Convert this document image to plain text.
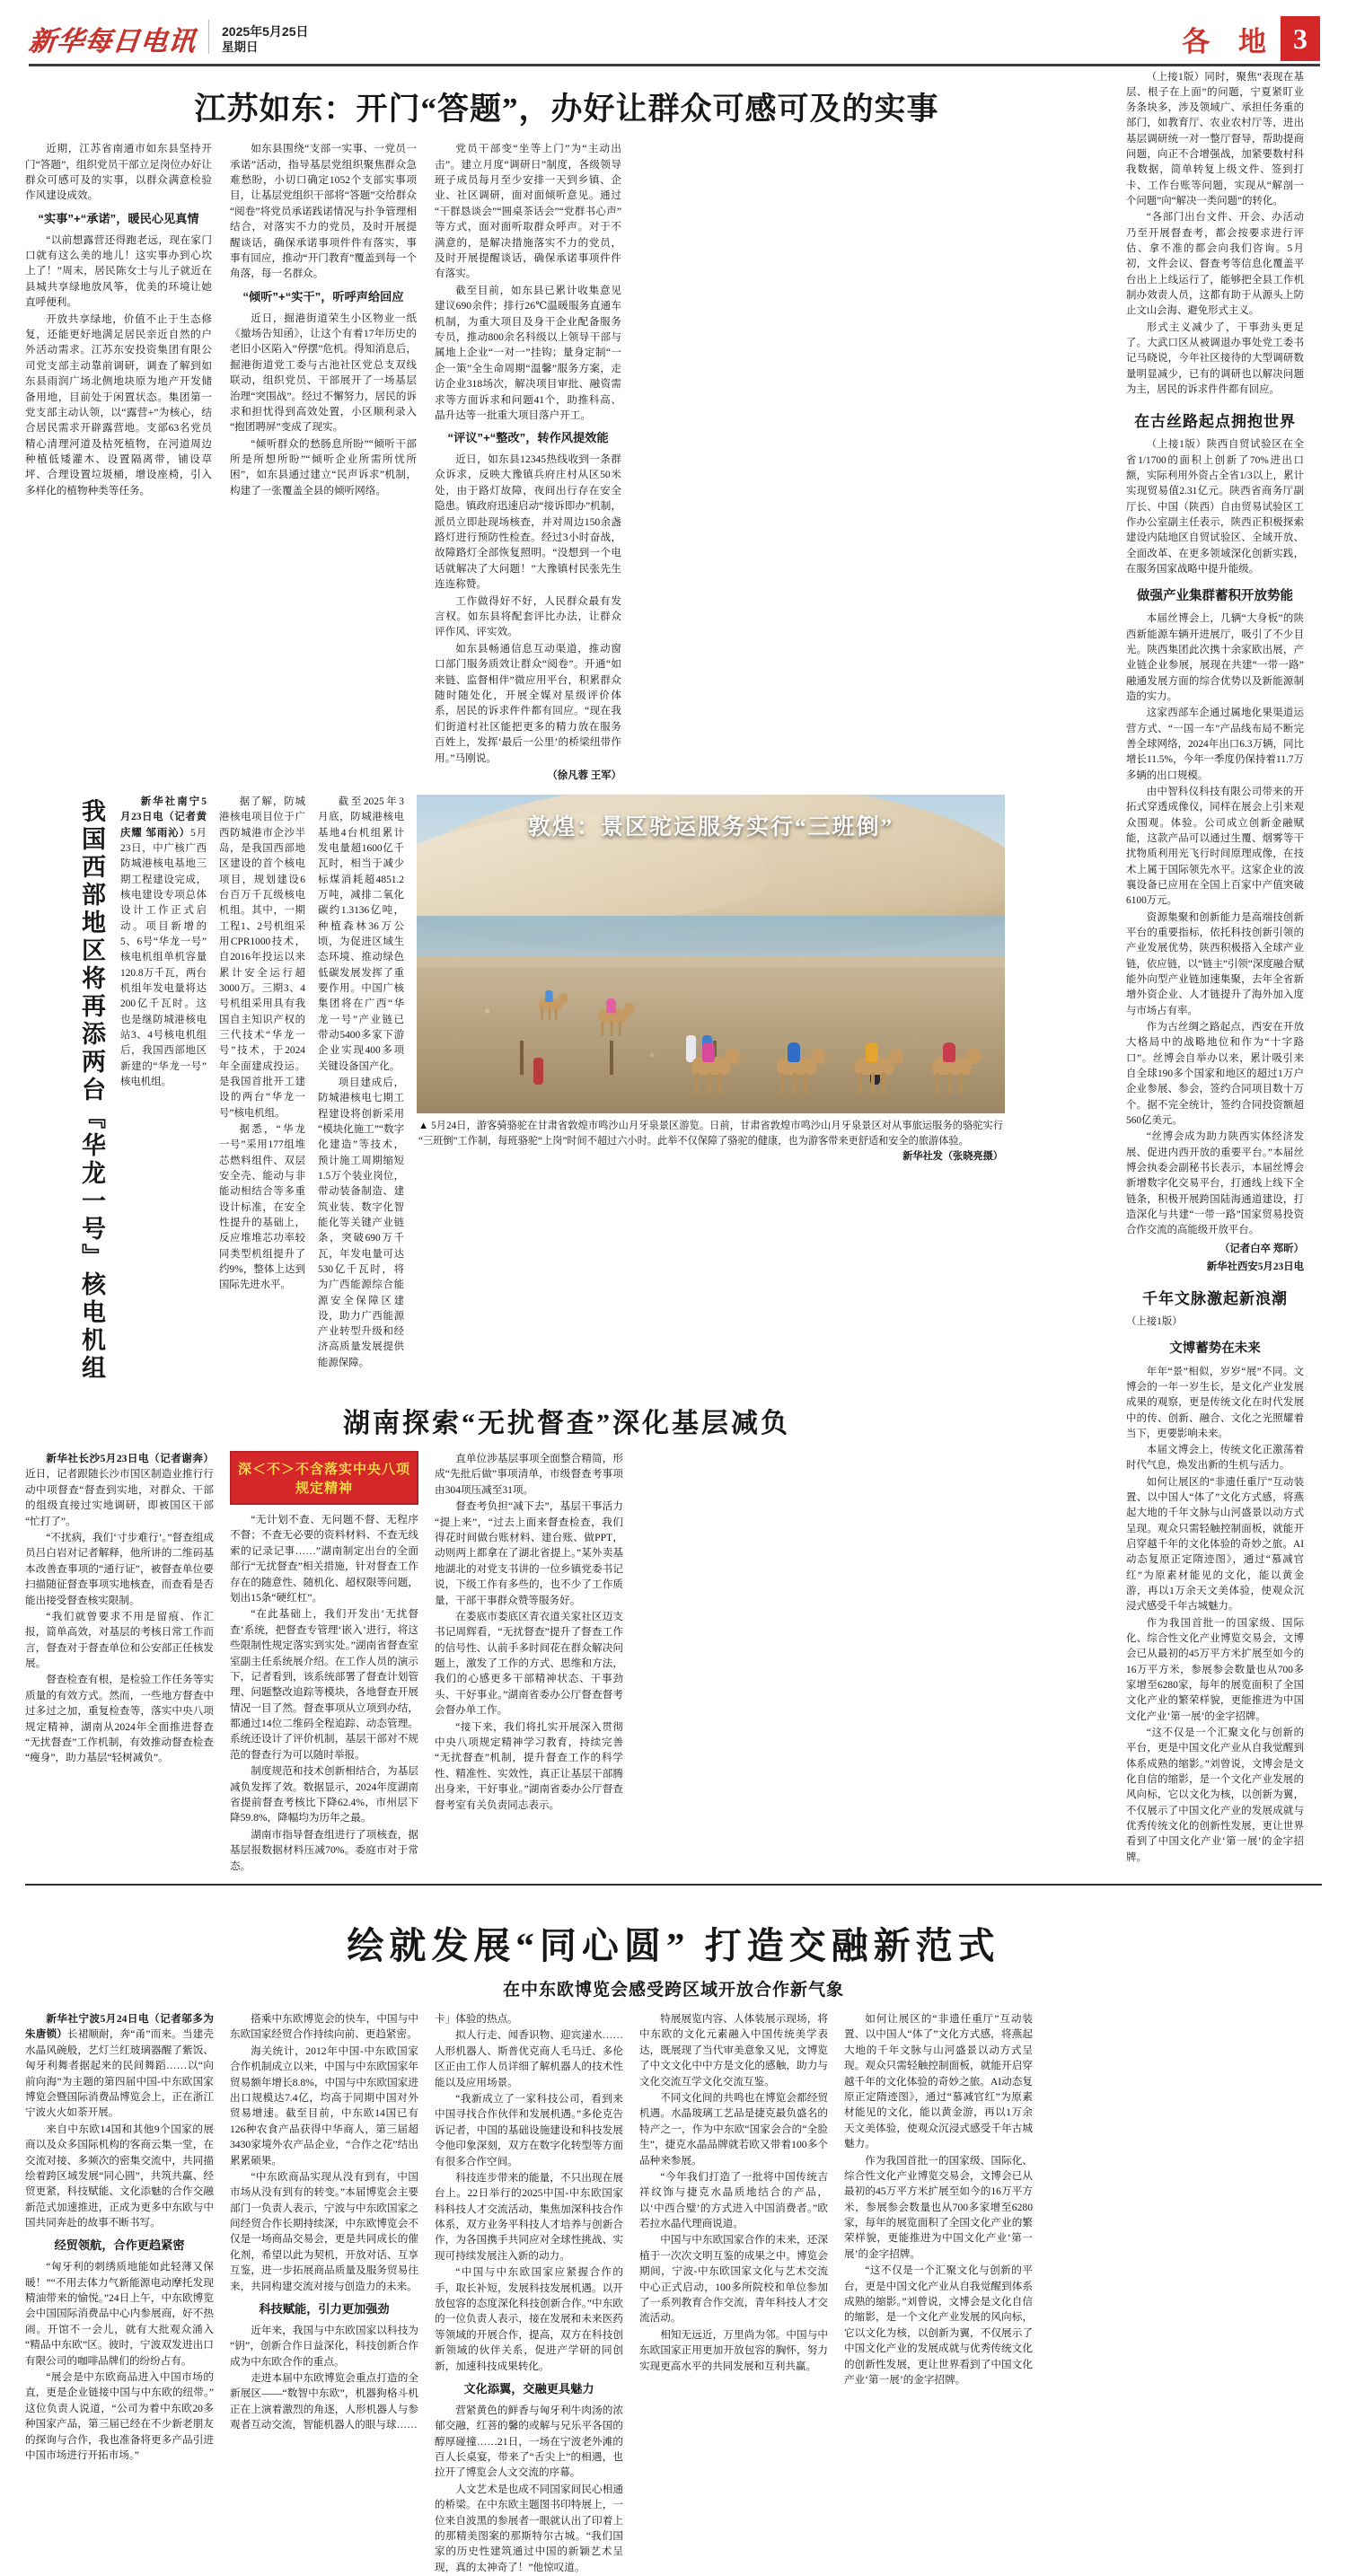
新华每日电讯	2025年5月25日
星期日	各 地 3
江苏如东：开门“答题”，办好让群众可感可及的实事

近期，江苏省南通市如东县坚持开门“答题”，组织党员干部立足岗位办好让群众可感可及的实事，以群众满意检验作风建设成效。

“实事”+“承诺”，暖民心见真情

“以前想露营还得跑老远，现在家门口就有这么美的地儿！这实事办到心坎上了！”周末，居民陈女士与儿子就近在县城共享绿地放风筝，优美的环境让她直呼便利。

开放共享绿地，价值不止于生态修复，还能更好地满足居民亲近自然的户外活动需求。江苏东安投资集团有限公司党支部主动靠前调研，调查了解到如东县雨润广场北侧地块原为地产开发储备用地，目前处于闲置状态。集团第一党支部主动认领，以“露营+”为核心，结合居民需求开辟露营地。支部63名党员精心清理河道及枯死植物，在河道周边种植低矮灌木、设置隔离带，铺设草坪、合理设置垃圾桶，增设座椅，引入多样化的植物种类等任务。

如东县围绕“支部一实事、一党员一承诺”活动，指导基层党组织聚焦群众急难愁盼，小切口确定1052个支部实事项目，让基层党组织干部将“答题”交给群众“阅卷”将党员承诺践诺情况与扑争管理相结合，对落实不力的党员，及时开展提醒谈话，确保承诺事项件件有落实，事事有回应，推动“开门教育”覆盖到每一个角落，每一名群众。

“倾听”+“实干”，听呼声给回应

近日，掘港街道荣生小区物业一纸《撤场告知函》，让这个有着17年历史的老旧小区陷入“停摆”危机。得知消息后，掘港街道党工委与古池社区党总支双线联动，组织党员、干部展开了一场基层治理“突围战”。经过不懈努力，居民的诉求和担忧得到高效处置，小区顺利录入“抱团聘屏”变成了现实。

“倾听群众的愁肠息所盼”“倾听干部所是所想所盼”“倾听企业所需所忧所困”，如东县通过建立“民声诉求”机制，构建了一张覆盖全县的倾听网络。

党员干部变“坐等上门”为“主动出击”。建立月度“调研日”制度，各级领导班子成员每月至少安排一天到乡镇、企业、社区调研，面对面倾听意见。通过“干群恳谈会”“圆桌茶话会”“党群书心声”等方式，面对面听取群众呼声。对于不满意的，是解决措施落实不力的党员，及时开展提醒谈话，确保承诺事项件件有落实。

截至目前，如东县已累计收集意见建议690余件；排行26℃温暖服务直通车机制，为重大项目及身干企业配备服务专员，推动800余名科级以上领导干部与属地上企业“一对一”挂钩；量身定制“一企一策”全生命周期“温馨”服务方案，走访企业318场次，解决项目审批、融资需求等方面诉求和问题41个，助推科高、晶升达等一批重大项目落户开工。

“评议”+“整改”，转作风提效能

近日，如东县12345热线收到一条群众诉求，反映大豫镇兵府庄村从区50米处，由于路灯故障，夜间出行存在安全隐患。镇政府迅速启动“接诉即办”机制，派员立即赴现场核查，并对周边150余盏路灯进行预防性检查。经过3小时奋战，故障路灯全部恢复照明。“没想到一个电话就解决了大问题！”大豫镇村民张先生连连称赞。

工作做得好不好，人民群众最有发言权。如东县将配套评比办法，让群众评作风、评实效。

如东县畅通信息互动渠道，推动窗口部门服务质效让群众“阅卷”。开通“如来链、监督相伴”微应用平台，积累群众随时随处化，开展全媒对星级评价体系，居民的诉求件件都有回应。“现在我们街道村社区能把更多的精力放在服务百姓上，发挥‘最后一公里’的桥梁纽带作用。”马刚说。

（徐凡蓉 王军）
我国西部地区将再添两台『华龙一号』核电机组	新华社南宁5月23日电（记者黄庆耀 邹雨沁）5月23日，中广核广西防城港核电基地三期工程建设完成，核电建设专项总体设计工作正式启动。项目新增的5、6号“华龙一号”核电机组单机容量120.8万千瓦，两台机组年发电量将达200亿千瓦时。这也是继防城港核电站3、4号核电机组后，我国西部地区新建的“华龙一号”核电机组。

据了解，防城港核电项目位于广西防城港市企沙半岛，是我国西部地区建设的首个核电项目，规划建设6台百万千瓦级核电机组。其中，一期工程1、2号机组采用CPR1000技术，自2016年投运以来累计安全运行超3000万。三期3、4号机组采用具有我国自主知识产权的三代技术“华龙一号”技术，于2024年全面建成投运。是我国首批开工建设的两台“华龙一号”核电机组。

据悉，“华龙一号”采用177组堆芯燃料组件、双层安全壳、能动与非能动相结合等多重设计标准，在安全性提升的基础上，反应堆堆芯功率较同类型机组提升了约9%，整体上达到国际先进水平。

截至2025年3月底，防城港核电基地4台机组累计发电量超1600亿千瓦时，相当于减少标煤消耗超4851.2万吨，减排二氧化碳约1.3136亿吨，种植森林36万公顷，为促进区域生态环境、推动绿色低碳发展发挥了重要作用。中国广核集团将在广西“华龙一号”产业链已带动5400多家下游企业实现400多项关键设备国产化。

项目建成后，防城港核电七期工程建设将创新采用“模块化施工”“数字化建造”等技术，预计施工周期缩短1.5万个装业岗位，带动装备制造、建筑业装、数字化智能化等关键产业链条，突破690万千瓦，年发电量可达530亿千瓦时，将为广西能源综合能源安全保障区建设，助力广西能源产业转型升级和经济高质量发展提供能源保障。

敦煌：景区驼运服务实行“三班倒”
▲ 5月24日，游客骑骆驼在甘肃省敦煌市鸣沙山月牙泉景区游览。日前，甘肃省敦煌市鸣沙山月牙泉景区对从事旅运服务的骆驼实行“三班倒”工作制，每班骆驼“上岗”时间不超过六小时。此举不仅保障了骆驼的健康，也为游客带来更舒适和安全的旅游体验。
新华社发（张晓亮摄）
湖南探索“无扰督查”深化基层减负

新华社长沙5月23日电（记者谢奔）近日，记者跟随长沙市国区制造业推行行动中项督查“督查到实地，对群众、干部的组级直接过实地调研，即被国区干部“忙打了”。

“不扰病，我们‘寸步难行’。”督查组成员吕白岩对记者解释，他所讲的二维码基本改善查事项的“通行证”，被督查单位要扫描随征督查事项实地核查，而查看是否能出接受督查核实限制。

“我们就曾要求不用是留痕、作汇报，简单高效，对基层的考核日常工作而言，督查对于督查单位和公安部正任核发展。

督查检查有根，是检验工作任务等实质量的有效方式。然而，一些地方督查中过多过之加，重复检查等，落实中央八项规定精神，湖南从2024年全面推进督查“无扰督查”工作机制，有效推动督查检查“瘦身”，助力基层“轻树减负”。

深＜不＞不含落实中央八项规定精神

“无计划不查、无问题不督、无程序不督；不査无必要的资料材料、不查无线索的记录记事……”湖南制定出台的全面部行“无扰督查”相关措施，针对督查工作存在的随意性、随机化、超权限等问题，划出15条“硬红杠”。

“在此基础上，我们开发出‘无扰督查’系统，把督查专管理‘嵌入’进行，将这些限制性规定落实到实处。”湖南省督查室室副主任系统展介绍。在工作人员的演示下，记者看到，该系统部署了督查计划管理、问题整改追踪等模块，各地督查开展情况一目了然。督查事项从立项到办结，都通过14位二维码全程追踪、动态管理。系统还设计了评价机制，基层干部对不规范的督查行为可以随时举报。

制度规范和技术创新相结合，为基层减负发挥了效。数据显示，2024年度湖南省提前督查考核比下降62.4%，市州层下降59.8%，降幅均为历年之最。

湖南市指导督查组进行了项核查，据基层报数据材料压减70%。委庭市对于常态。

直单位涉基层事项全面整合精简，形成“先批后做”事项清单，市级督查考事项由304项压减至31项。

督查考负担“减下去”，基层干事活力“提上来”，“过去上面来督查检查，我们得花时间做台账材料、建台账、做PPT，动则两上都拿在了湖北省提上。”某外卖基地湖北的对党支书讲的一位乡镇党委书记说，下级工作有多些的，也不少了工作质量，干部干事群众赞等服务好。

在娄底市娄底区青衣道关家社区迈支书记周辉看，“无扰督查”提升了督查工作的信号性、认前手多时间花在群众解决问题上，激发了工作的方式、思维和方法，我们的心感更多干部精神状态、干事劲头、干好事业。”湖南省委办公厅督查督考会督办单工作。

“接下来，我们将扎实开展深入贯彻中央八项规定精神学习教育，持续完善“无扰督查”机制，提升督查工作的科学性、精准性、实效性，真正让基层干部腾出身来，干好事业。”湖南省委办公厅督查督考室有关负责同志表示。

（上接1版）同时，聚焦“表现在基层、根子在上面”的问题，宁夏紧盯业务条块多，涉及领域广、承担任务重的部门，如教育厅、农业农村厅等，进出基层调研统一对一整厅督导，帮助提商问题，向正不合增强战，加紧要数村科我数据，简单转复上级文件、签到打卡、工作台账等问题，实现从“解剖一个问题”向“解决一类问题”的转化。

“各部门出台文件、开会、办活动乃至开展督查考，都会按要求进行评估、拿不准的都会向我们咨询。5月初，文件会议、督查考等信息化覆盖平台出上上线运行了，能够把全县工作机制办效责人员，这都有助于从源头上防止文山会海、避免形式主义。

形式主义减少了，干事劲头更足了。大武口区从被调退办事处党工委书记马晓说，今年社区接待的大型调研数量明显减少，已有的调研也以解决问题为主，居民的诉求件件都有回应。

在古丝路起点拥抱世界

（上接1版）陕西自贸试验区在全省1/1700的面积上创新了70%进出口额，实际利用外资占全省1/3以上，累计实现贸易值2.31亿元。陕西省商务厅副厅长、中国（陕西）自由贸易试验区工作办公室副主任表示，陕西正积极探索建设内陆地区自贸试验区、全域开放、全面改革、在更多领域深化创新实践，在服务国家战略中提升能级。

做强产业集群蓄积开放势能

本届丝博会上，几辆“大身板”的陕西新能源车辆开进展厅，吸引了不少目光。陕西集团此次携十余家欧出展，产业链企业参展，展现在共建“一带一路”融通发展方面的综合优势以及新能源制造的实力。

这家西部车企通过属地化果渠道运营方式、“一国一车”产品线布局不断完善全球网络，2024年出口6.3万辆，同比增长11.5%，今年一季度仍保持着11.7万多辆的出口规模。

由中智科仪科技有限公司带来的开拓式穿透成像仪，同样在展会上引来观众围观。体验。公司成立创新金融赋能，这款产品可以通过生覆、烟雾等干扰物质利用光飞行时间原理成像，在技术上属于国际领先水平。这家企业的波襄设备已应用在全国上百家中产值突破6100万元。

资源集聚和创新能力是高端技创新平台的重要指标，依托科技创新引领的产业发展优势，陕西积极搭入全球产业链，依应链，以“链主”引领“深度融合赋能外向型产业链加速集聚，去年全省新增外资企业、人才链提升了海外加入度与市场占有率。

作为古丝绸之路起点，西安在开放大格局中的战略地位和作为“十字路口”。丝博会自举办以来，累计吸引来自全球190多个国家和地区的超过1万户企业参展、参会，签约合同项目数十万个。据不完全统计，签约合同投资额超560亿美元。

“丝博会成为助力陕西实体经济发展、促进内西开放的重要平台。”本届丝博会执委会副秘书长表示，本届丝博会新增数字化交易平台，打通线上线下全链条，积极开展跨国陆海通道建设，打造深化与共建“一带一路”国家贸易投资合作交流的高能级开放平台。

（记者白卒 郑昕）
新华社西安5月23日电
千年文脉激起新浪潮

（上接1版）

文博蓄势在未来

年年“景”相似，岁岁“展”不同。文博会的一年一岁生长，是文化产业发展成果的观察，更是传统文化在时代发展中的传、创新、融合、文化之光照耀着当下，更要影响未来。

本届文博会上，传统文化正激荡着时代气息，焕发出新的生机与活力。

如何让展区的“非遗任重厅”互动装置、以中国人“体了”文化方式感，将燕起大地的千年文脉与山河盛景以动方式呈现。观众只需轻触控制面板，就能开启穿越千年的文化体验的奇妙之旅。AI动态复原正定隋迹图》，通过“慕减官红”为原素材能见的文化，能以黄金游，再以1万余天文美体验，使观众沉浸式感受千年古城魅力。

作为我国首批一的国家级、国际化、综合性文化产业博览交易会，文博会已从最初的45万平方米扩展至如今的16万平方米，参展参会数量也从700多家增至6280家，每年的展览面积了全国文化产业的繁荣样貌，更能推进为中国文化产业‘第一展’的金字招牌。

“这不仅是一个汇聚文化与创新的平台，更是中国文化产业从自我觉醒到体系成熟的缩影。”刘曾说，文博会是文化自信的缩影，是一个文化产业发展的风向标，它以文化为核，以创新为翼，不仅展示了中国文化产业的发展成就与优秀传统文化的创新性发展，更让世界看到了中国文化产业‘第一展’的金字招牌。

绘就发展“同心圆” 打造交融新范式
在中东欧博览会感受跨区域开放合作新气象

新华社宁波5月24日电（记者邬多为 朱唐锁）长裙顺耐，奔“甬”而来。当建壳水晶风碗般，艺灯兰红玻璃器醒了紫饭、匈牙利舞者据起来的民间舞蹈……以“向前向海”为主题的第四届中国-中东欧国家博览会暨国际消费品博览会上，正在浙江宁波火火如荼开展。

来自中东欧14国和其他9个国家的展商以及众多国际机构的客商云集一堂，在交流对接、多频次的密集交流中，共同描绘着跨区域发展“同心圆”，共筑共赢、经贸更紧，科技赋能、文化添魅的合作交融新范式加速推进，正成为更多中东欧与中国共同奔赴的故事不断书写。

经贸领航，合作更趋紧密

“匈牙利的刺绣质地能如此轻薄又保暖！”“不用去体力气新能源电动摩托发现精油带来的愉悦。”24日上午，中东欧博览会中国国际消费品中心内参展商，好不热闹。开馆不一会儿，就有大批观众涌入“精品中东欧”区。彼时，宁波双发进出口有限公司的咖啡品牌们的纷纷占有。

“展会是中东欧商品进入中国市场的直，更是企业链接中国与中东欧的纽带。”这位负责人说道，“公司为着中东欧20多种国家产品，第三届已经在不少新老朋友的探询与合作，我也准备将更多产品引进中国市场进行开拓市场。”

搭乘中东欧博览会的快车，中国与中东欧国家经贸合作持续向前、更趋紧密。

海关统计，2012年中国-中东欧国家合作机制成立以来，中国与中东欧国家年贸易额年增长8.8%，中国与中东欧国家进出口规模达7.4亿，均高于同期中国对外贸易增速。截至目前，中东欧14国已有126种农食产品获得中华商人，第三届超3430家境外农产品企业，“合作之花”结出累累硕果。

“中东欧商品实现从没有到有，中国市场从没有到有的转变。”本届博览会主要部门一负责人表示，宁波与中东欧国家之间经贸合作长期持续深，中东欧博览会不仅是一场商品交易会，更是共同成长的催化剂，希望以此为契机，开放对话、互享互鉴，进一步拓展商品质量及服务贸易往来，共同构建交流对接与创造力的未来。

科技赋能，引力更加强劲

近年来，我国与中东欧国家以科技为“钥”，创新合作日益深化，科技创新合作成为中东欧合作的重点。

走进本届中东欧博览会重点打造的全新展区——“数智中东欧”，机器狗格斗机正在上演着激烈的角逐，人形机器人与参观者互动交流，智能机器人的眼与球……

卡」体验的热点。

拟人行走、闻香识物、迎宾递水……人形机器人、斯普优克商人毛马迁、多伦区正由工作人员详细了解机器人的技术性能以及应用场景。

“我新成立了一家科技公司，看到来中国寻找合作伙伴和发展机遇。”多伦克告诉记者，中国的基础设施建设和科技发展令他印象深刻，双方在数字化转型等方面有很多合作空间。

科技连步带来的能量，不只出现在展台上。22日举行的2025中国-中东欧国家科科技人才交流活动，集焦加深科技合作体系，双方业务平科技人才培养与创新合作，为各国携手共同应对全球性挑战、实现可持续发展注入新的动力。

“中国与中东欧国家应紧握合作的手，取长补短，发展科技发展机遇。以开放包容的态度深化科技创新合作。”中东欧的一位负责人表示，接在发展和未来医药等领域的开展合作，提高，双方在科技创新领域的伙伴关系，促进产学研的同创新，加速科技成果转化。

文化添翼，交融更具魅力

营紧黄色的鲜香与匈牙利牛肉汤的浓郁交融，红菩的馨的或解与兄乐平各国的醇厚碰撞……21日，一场在宁波老外滩的百人长桌宴，带来了“舌尖上”的相遇，也拉开了博览会人文交流的序幕。

人文艺术是也成不同国家间民心相通的桥梁。在中东欧主题图书印特展上，一位来自波黑的参展者一眼就认出了印着上的那精美图案的那斯特尔古城。“我们国家的历史性建筑通过中国的新颖艺术呈现，真的太神奇了！”他惊叹道。

特展展览内容、人体装展示现场，将中东欧的文化元素融入中国传统美学表达，既展现了当代审美意象又见，文博览了中文文化中中方是文化的感触，助力与文化交流互学文化交流互鉴。

不同文化间的共鸣也在博览会都经贸机遇。水晶玻璃工艺品是捷克最负盛名的特产之一，作为中东欧“国家会合的“全脸生”，捷克水晶品牌就若欧又带着100多个品种来参展。

“今年我们打造了一批将中国传统吉祥纹饰与捷克水晶质地结合的产品，以‘中西合璧’的方式进入中国消费者。”欧若拉水晶代理商说道。

中国与中东欧国家合作的未来，还深植于一次次文明互鉴的成果之中。博览会期间，宁波-中东欧国家文化与艺术交流中心正式启动，100多所院校和单位参加了一系列教育合作交流，青年科技人才交流活动。

相知无远近，万里尚为邻。中国与中东欧国家正用更加开放包容的胸怀，努力实现更高水平的共同发展和互利共赢。

如何让展区的“非遗任重厅”互动装置、以中国人“体了”文化方式感，将燕起大地的千年文脉与山河盛景以动方式呈现。观众只需轻触控制面板，就能开启穿越千年的文化体验的奇妙之旅。AI动态复原正定隋迹图》，通过“慕减官红”为原素材能见的文化，能以黄金游，再以1万余天文美体验，使观众沉浸式感受千年古城魅力。

作为我国首批一的国家级、国际化、综合性文化产业博览交易会，文博会已从最初的45万平方米扩展至如今的16万平方米，参展参会数量也从700多家增至6280家，每年的展览面积了全国文化产业的繁荣样貌，更能推进为中国文化产业‘第一展’的金字招牌。

“这不仅是一个汇聚文化与创新的平台，更是中国文化产业从自我觉醒到体系成熟的缩影。”刘曾说，文博会是文化自信的缩影，是一个文化产业发展的风向标，它以文化为核，以创新为翼，不仅展示了中国文化产业的发展成就与优秀传统文化的创新性发展，更让世界看到了中国文化产业‘第一展’的金字招牌。
